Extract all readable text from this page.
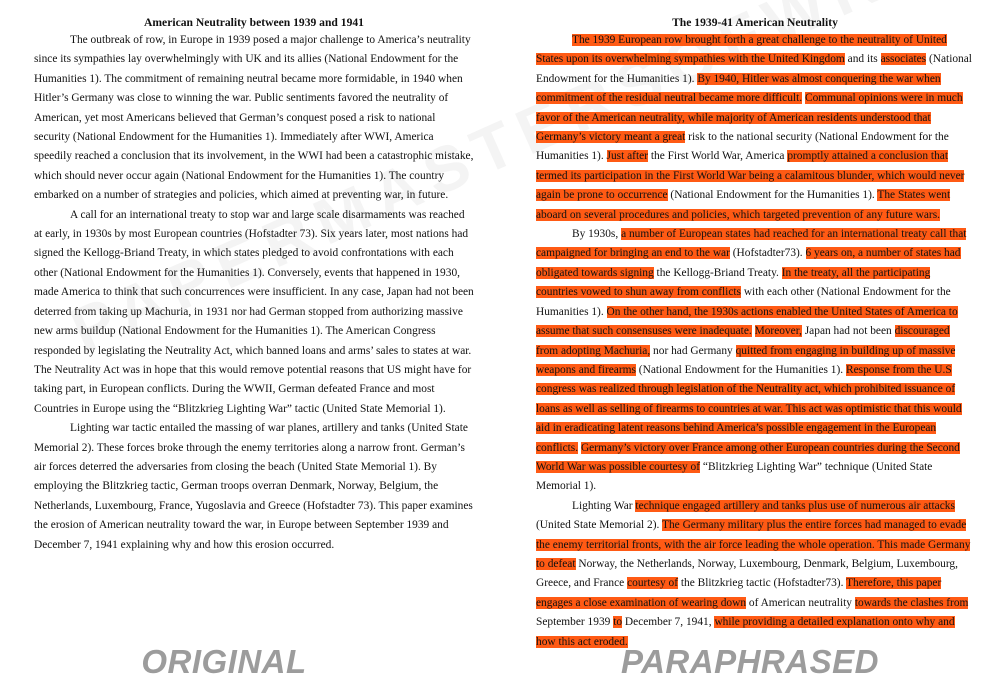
American Neutrality between 1939 and 1941

The outbreak of row, in Europe in 1939 posed a major challenge to America’s neutrality since its sympathies lay overwhelmingly with UK and its allies (National Endowment for the Humanities 1). The commitment of remaining neutral became more formidable, in 1940 when Hitler’s Germany was close to winning the war. Public sentiments favored the neutrality of American, yet most Americans believed that German’s conquest posed a risk to national security (National Endowment for the Humanities 1). Immediately after WWI, America speedily reached a conclusion that its involvement, in the WWI had been a catastrophic mistake, which should never occur again (National Endowment for the Humanities 1). The country embarked on a number of strategies and policies, which aimed at preventing war, in future.

A call for an international treaty to stop war and large scale disarmaments was reached at early, in 1930s by most European countries (Hofstadter 73). Six years later, most nations had signed the Kellogg-Briand Treaty, in which states pledged to avoid confrontations with each other (National Endowment for the Humanities 1). Conversely, events that happened in 1930, made America to think that such concurrences were insufficient. In any case, Japan had not been deterred from taking up Machuria, in 1931 nor had German stopped from authorizing massive new arms buildup (National Endowment for the Humanities 1). The American Congress responded by legislating the Neutrality Act, which banned loans and arms’ sales to states at war. The Neutrality Act was in hope that this would remove potential reasons that US might have for taking part, in European conflicts. During the WWII, German defeated France and most Countries in Europe using the “Blitzkrieg Lighting War” tactic (United State Memorial 1).

Lighting war tactic entailed the massing of war planes, artillery and tanks (United State Memorial 2). These forces broke through the enemy territories along a narrow front. German’s air forces deterred the adversaries from closing the beach (United State Memorial 1). By employing the Blitzkrieg tactic, German troops overran Denmark, Norway, Belgium, the Netherlands, Luxembourg, France, Yugoslavia and Greece (Hofstadter 73). This paper examines the erosion of American neutrality toward the war, in Europe between September 1939 and December 7, 1941 explaining why and how this erosion occurred.

The 1939-41 American Neutrality

The 1939 European row brought forth a great challenge to the neutrality of United States upon its overwhelming sympathies with the United Kingdom and its associates (National Endowment for the Humanities 1). By 1940, Hitler was almost conquering the war when commitment of the residual neutral became more difficult. Communal opinions were in much favor of the American neutrality, while majority of American residents understood that Germany’s victory meant a great risk to the national security (National Endowment for the Humanities 1). Just after the First World War, America promptly attained a conclusion that termed its participation in the First World War being a calamitous blunder, which would never again be prone to occurrence (National Endowment for the Humanities 1). The States went aboard on several procedures and policies, which targeted prevention of any future wars.

By 1930s, a number of European states had reached for an international treaty call that campaigned for bringing an end to the war (Hofstadter73). 6 years on, a number of states had obligated towards signing the Kellogg-Briand Treaty. In the treaty, all the participating countries vowed to shun away from conflicts with each other (National Endowment for the Humanities 1). On the other hand, the 1930s actions enabled the United States of America to assume that such consensuses were inadequate. Moreover, Japan had not been discouraged from adopting Machuria, nor had Germany quitted from engaging in building up of massive weapons and firearms (National Endowment for the Humanities 1). Response from the U.S congress was realized through legislation of the Neutrality act, which prohibited issuance of loans as well as selling of firearms to countries at war. This act was optimistic that this would aid in eradicating latent reasons behind America’s possible engagement in the European conflicts. Germany’s victory over France among other European countries during the Second World War was possible courtesy of “Blitzkrieg Lighting War” technique (United State Memorial 1).

Lighting War technique engaged artillery and tanks plus use of numerous air attacks (United State Memorial 2). The Germany military plus the entire forces had managed to evade the enemy territorial fronts, with the air force leading the whole operation. This made Germany to defeat Norway, the Netherlands, Norway, Luxembourg, Denmark, Belgium, Luxembourg, Greece, and France courtesy of the Blitzkrieg tactic (Hofstadter73). Therefore, this paper engages a close examination of wearing down of American neutrality towards the clashes from September 1939 to December 7, 1941, while providing a detailed explanation onto why and how this act eroded.

ORIGINAL	PARAPHRASED
